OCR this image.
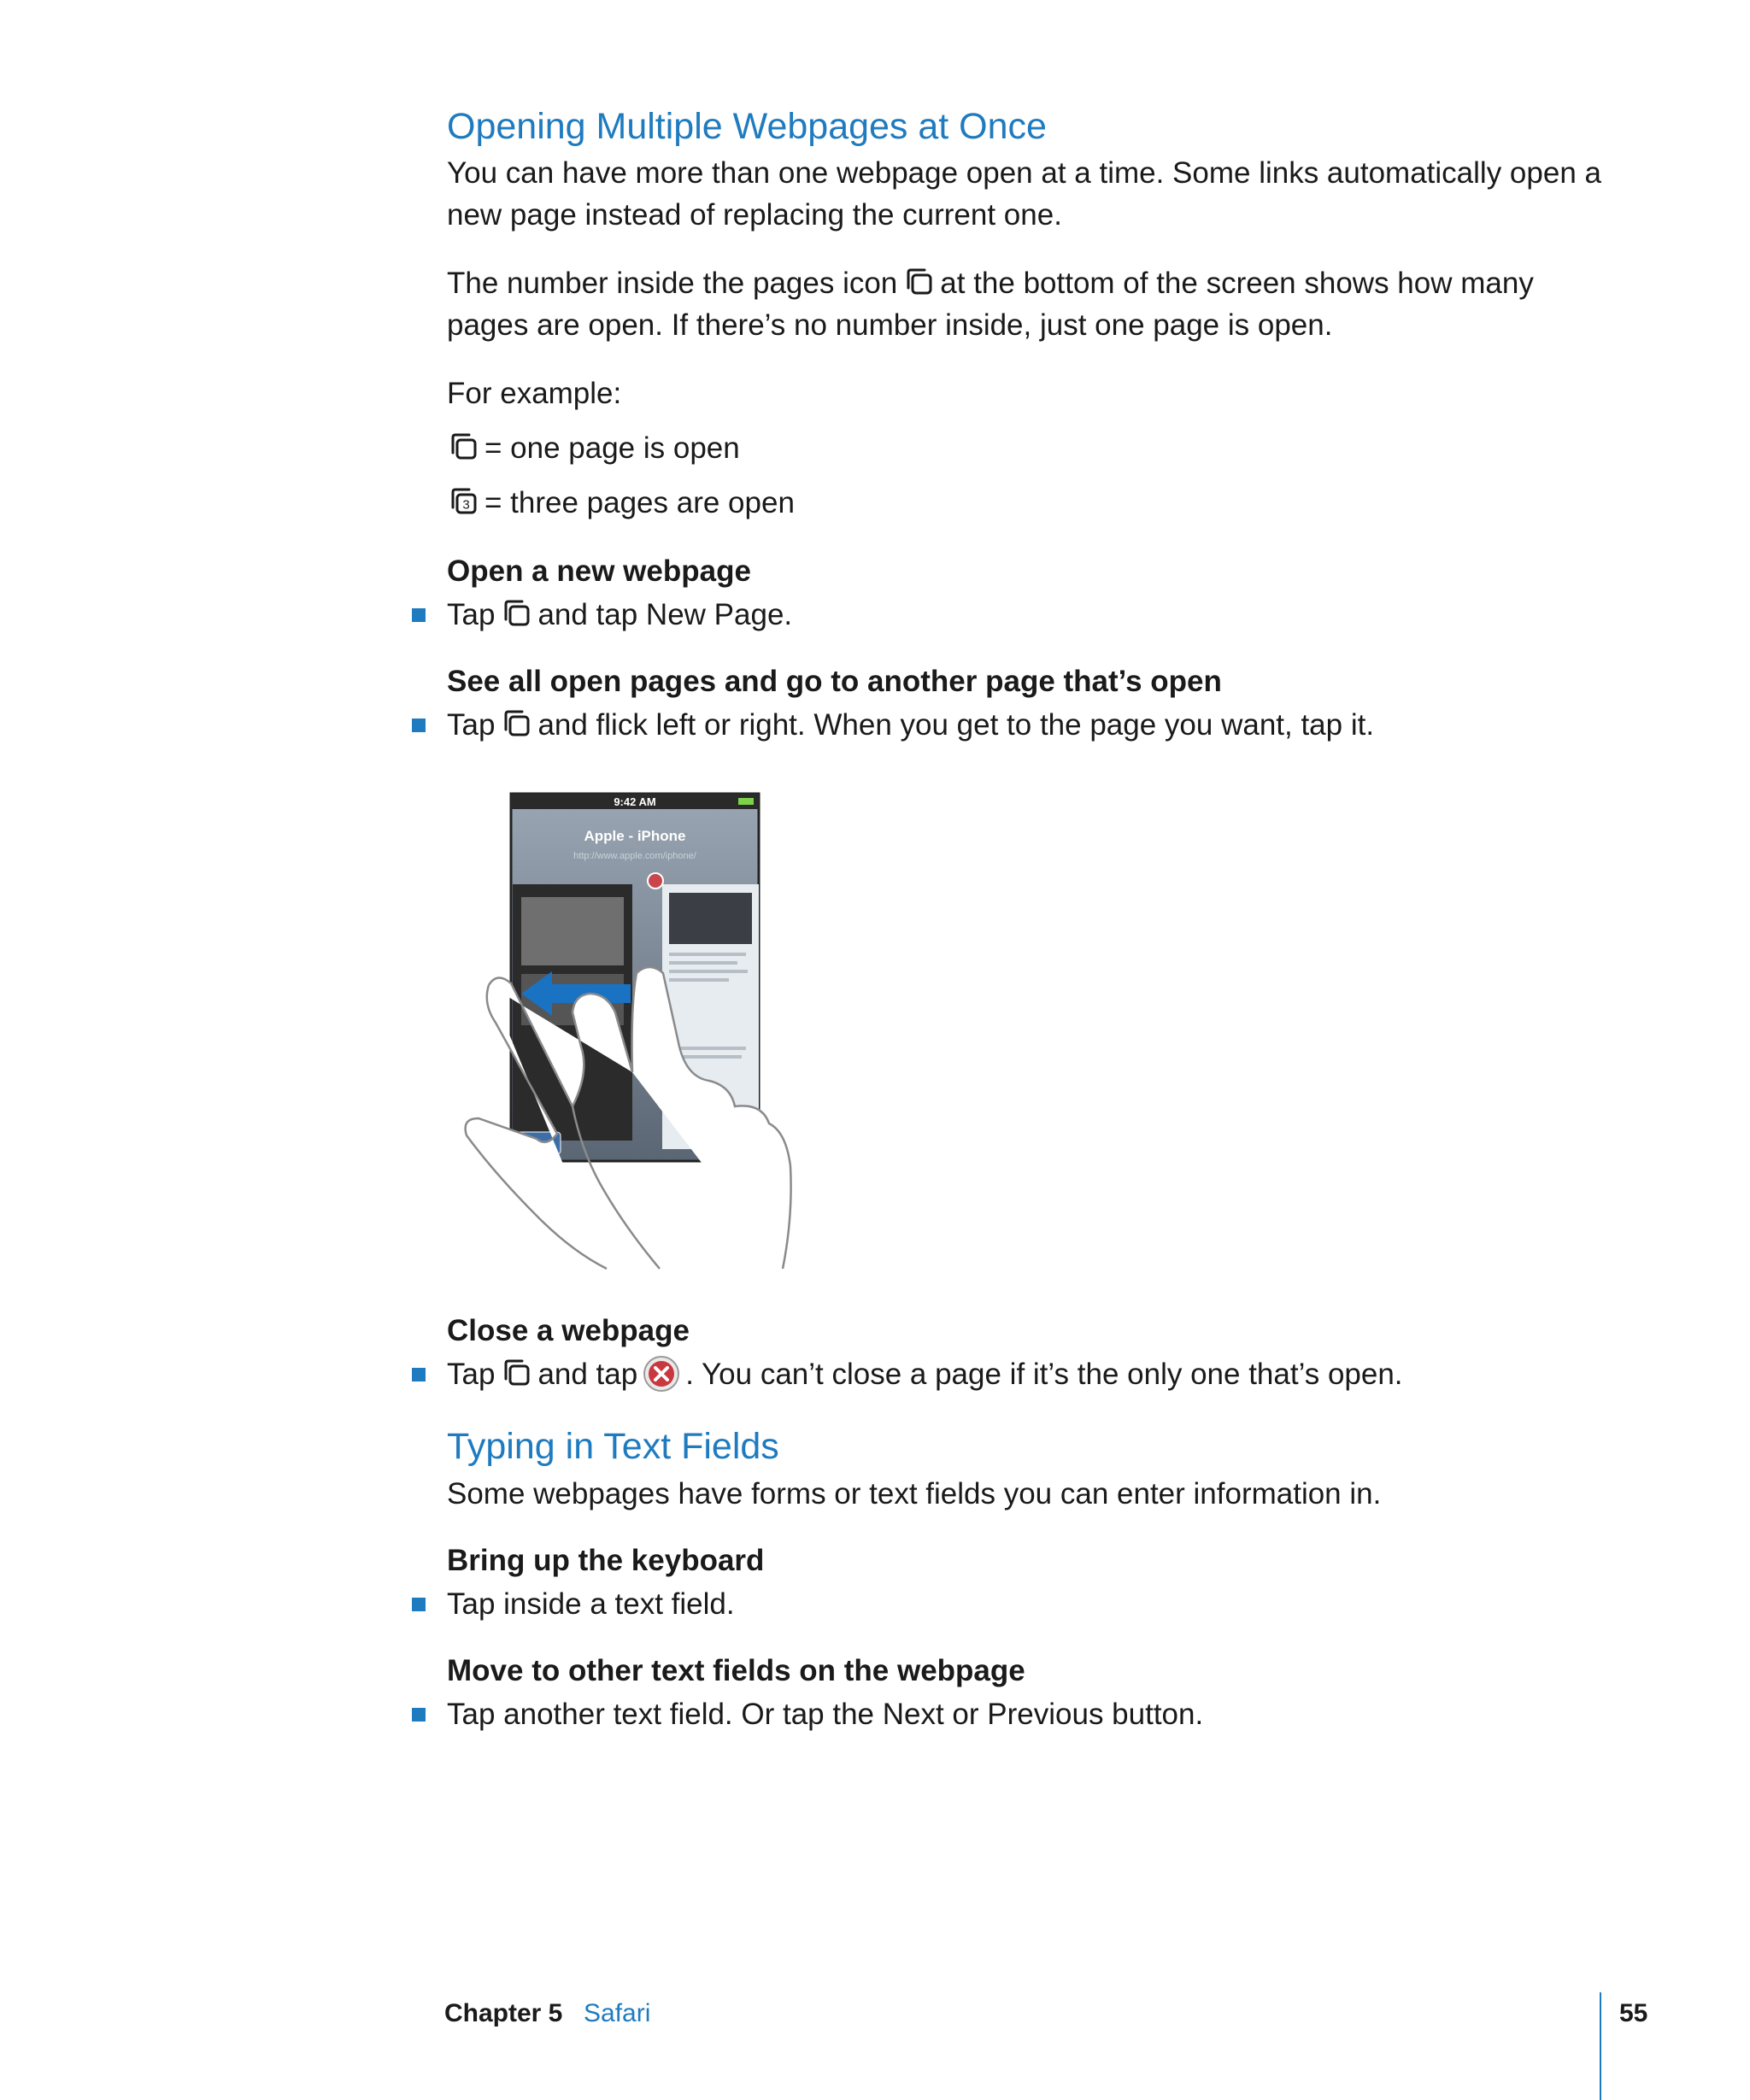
Opening Multiple Webpages at Once

You can have more than one webpage open at a time. Some links automatically open a new page instead of replacing the current one.

The number inside the pages icon at the bottom of the screen shows how many pages are open. If there’s no number inside, just one page is open.

For example:

= one page is open

3 = three pages are open

Open a new webpage

Tap and tap New Page.

See all open pages and go to another page that’s open

Tap and flick left or right. When you get to the page you want, tap it.

9:42 AM
Apple - iPhone
http://www.apple.com/iphone/
Close a webpage

Tap and tap . You can’t close a page if it’s the only one that’s open.

Typing in Text Fields

Some webpages have forms or text fields you can enter information in.

Bring up the keyboard

Tap inside a text field.

Move to other text fields on the webpage

Tap another text field. Or tap the Next or Previous button.

Chapter 5 Safari	55
